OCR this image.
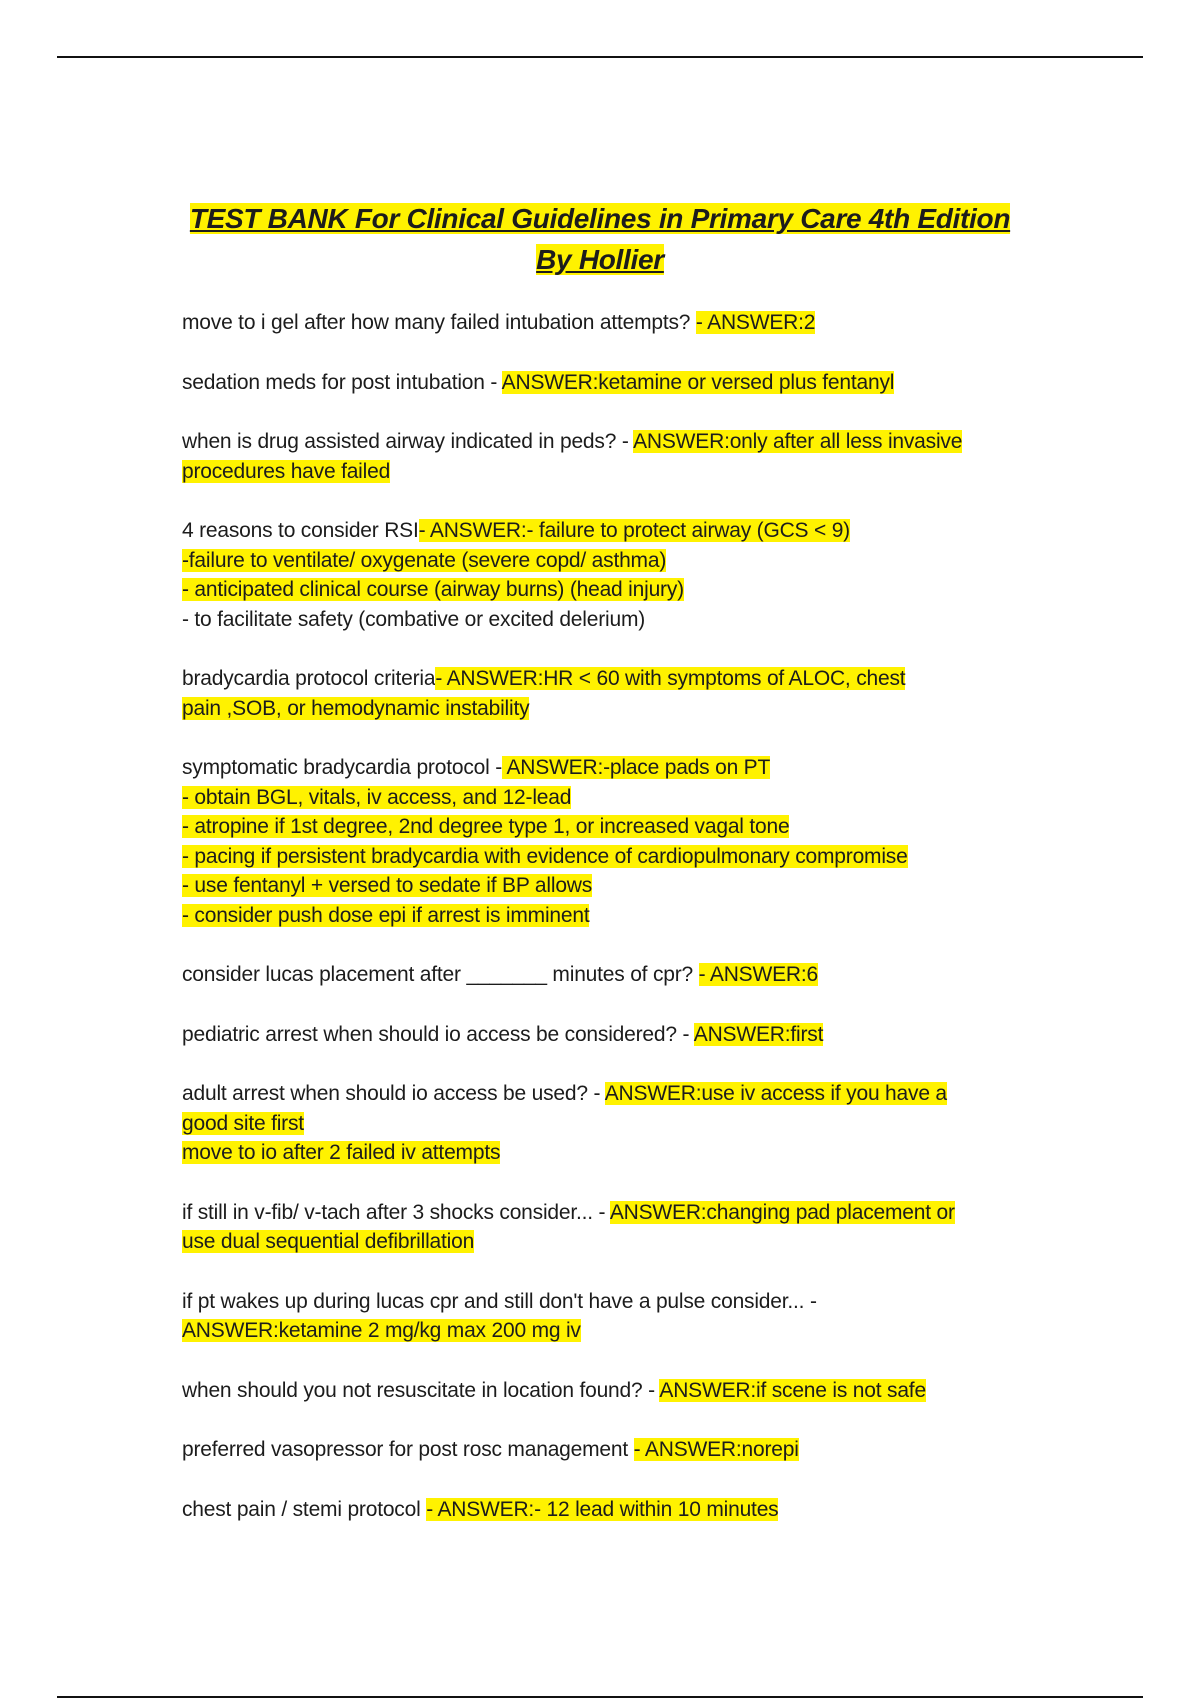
TEST BANK For Clinical Guidelines in Primary Care 4th Edition
By Hollier

move to i gel after how many failed intubation attempts? - ANSWER:2

sedation meds for post intubation - ANSWER:ketamine or versed plus fentanyl

when is drug assisted airway indicated in peds? - ANSWER:only after all less invasive
procedures have failed

4 reasons to consider RSI- ANSWER:- failure to protect airway (GCS < 9)
-failure to ventilate/ oxygenate (severe copd/ asthma)
- anticipated clinical course (airway burns) (head injury)
- to facilitate safety (combative or excited delerium)

bradycardia protocol criteria- ANSWER:HR < 60 with symptoms of ALOC, chest
pain ,SOB, or hemodynamic instability

symptomatic bradycardia protocol - ANSWER:-place pads on PT
- obtain BGL, vitals, iv access, and 12-lead
- atropine if 1st degree, 2nd degree type 1, or increased vagal tone
- pacing if persistent bradycardia with evidence of cardiopulmonary compromise
- use fentanyl + versed to sedate if BP allows
- consider push dose epi if arrest is imminent

consider lucas placement after _______ minutes of cpr? - ANSWER:6

pediatric arrest when should io access be considered? - ANSWER:first

adult arrest when should io access be used? - ANSWER:use iv access if you have a
good site first
move to io after 2 failed iv attempts

if still in v-fib/ v-tach after 3 shocks consider... - ANSWER:changing pad placement or
use dual sequential defibrillation

if pt wakes up during lucas cpr and still don't have a pulse consider... -
ANSWER:ketamine 2 mg/kg max 200 mg iv

when should you not resuscitate in location found? - ANSWER:if scene is not safe

preferred vasopressor for post rosc management - ANSWER:norepi

chest pain / stemi protocol - ANSWER:- 12 lead within 10 minutes
